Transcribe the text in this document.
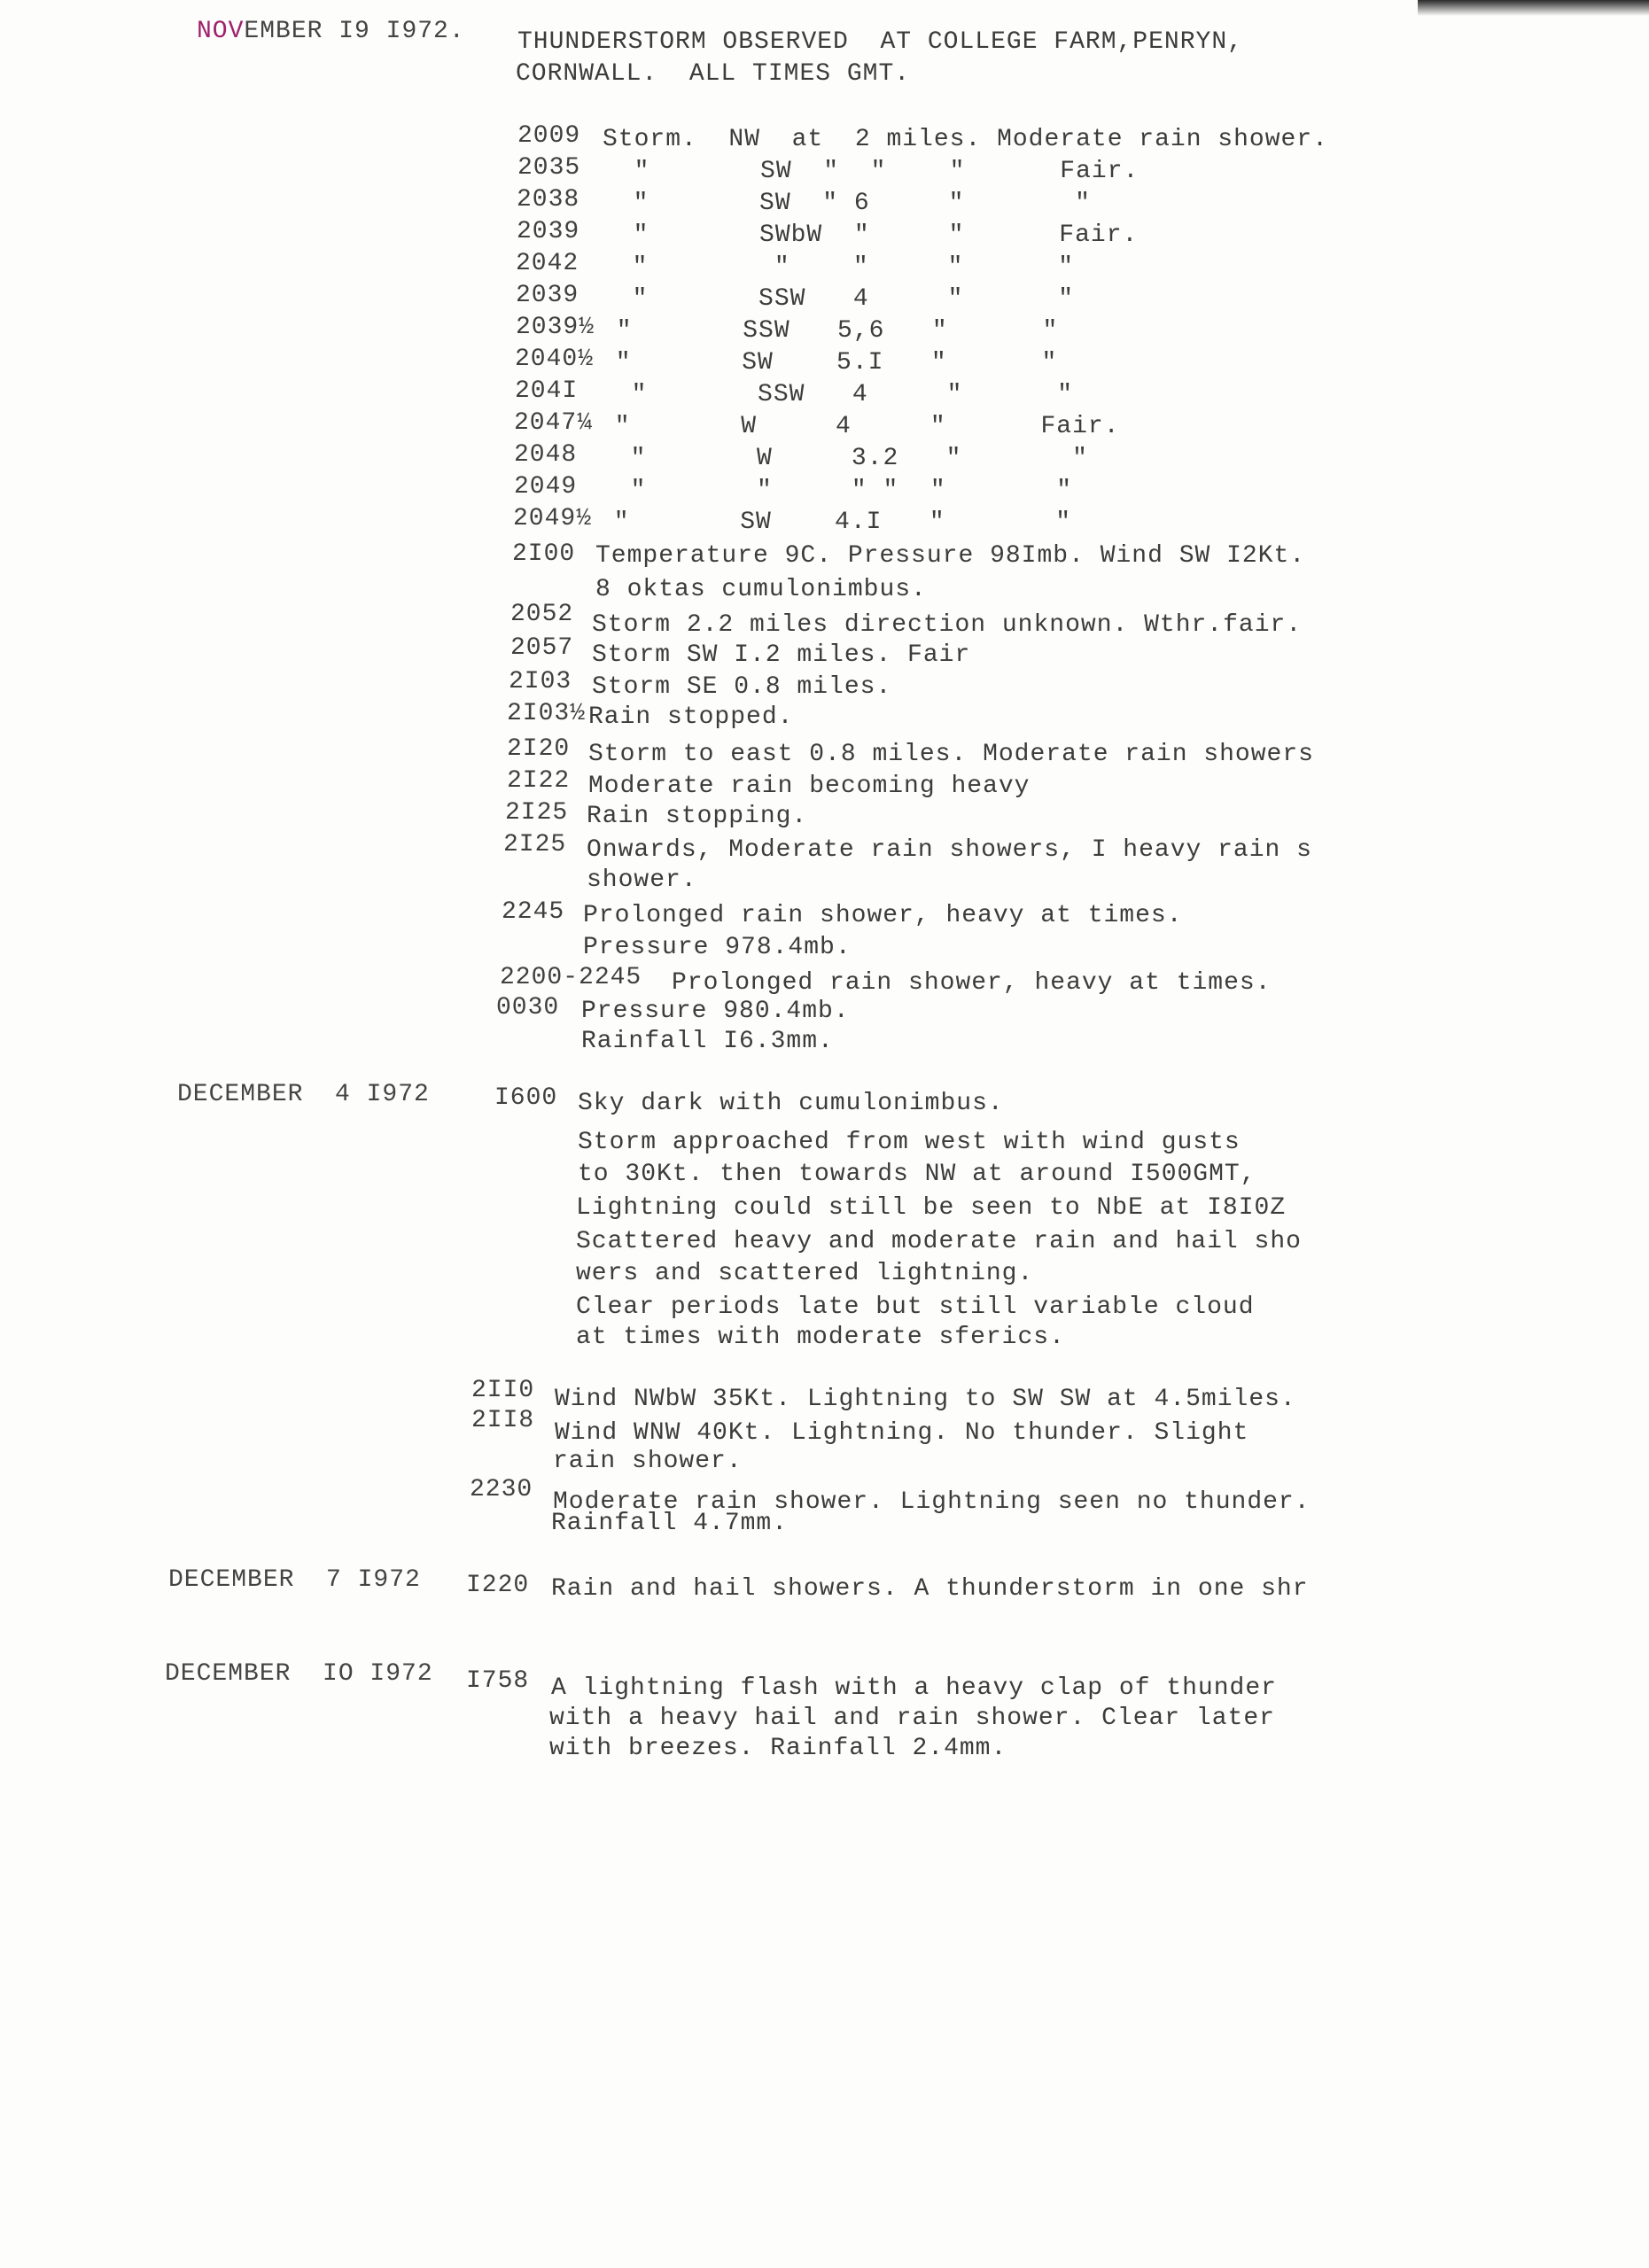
NOVEMBER I9 I972. THUNDERSTORM OBSERVED  AT COLLEGE FARM,PENRYN,
CORNWALL.  ALL TIMES GMT.
2009 Storm.  NW  at  2 miles. Moderate rain shower.
2035 "       SW  "  "    "      Fair.
2038 "       SW  " 6     "       "
2039 "       SWbW  "     "      Fair.
2042 "        "    "     "      "
2039 "       SSW   4     "      "
2039½ "       SSW   5,6   "      "
2040½ "       SW    5.I   "      "
204I "       SSW   4     "      "
2047¼ "       W     4     "      Fair.
2048 "       W     3.2   "       "
2049 "       "     " "  "       "
2049½ "       SW    4.I   "       "
2I00 Temperature 9C. Pressure 98Imb. Wind SW I2Kt.
8 oktas cumulonimbus.
2052 Storm 2.2 miles direction unknown. Wthr.fair.
2057 Storm SW I.2 miles. Fair
2I03 Storm SE 0.8 miles.
2I03½ Rain stopped.
2I20 Storm to east 0.8 miles. Moderate rain showers
2I22 Moderate rain becoming heavy
2I25 Rain stopping.
2I25 Onwards, Moderate rain showers, I heavy rain s
shower.
2245 Prolonged rain shower, heavy at times.
Pressure 978.4mb.
2200-2245 Prolonged rain shower, heavy at times.
0030 Pressure 980.4mb.
Rainfall I6.3mm.
DECEMBER  4 I972	I600 Sky dark with cumulonimbus.
Storm approached from west with wind gusts
to 30Kt. then towards NW at around I500GMT,
Lightning could still be seen to NbE at I8I0Z
Scattered heavy and moderate rain and hail sho
wers and scattered lightning.
Clear periods late but still variable cloud
at times with moderate sferics.
2II0 Wind NWbW 35Kt. Lightning to SW SW at 4.5miles.
2II8 Wind WNW 40Kt. Lightning. No thunder. Slight
rain shower.
2230 Moderate rain shower. Lightning seen no thunder.
Rainfall 4.7mm.
DECEMBER  7 I972 I220 Rain and hail showers. A thunderstorm in one shr
DECEMBER  IO I972 I758 A lightning flash with a heavy clap of thunder
with a heavy hail and rain shower. Clear later
with breezes. Rainfall 2.4mm.
